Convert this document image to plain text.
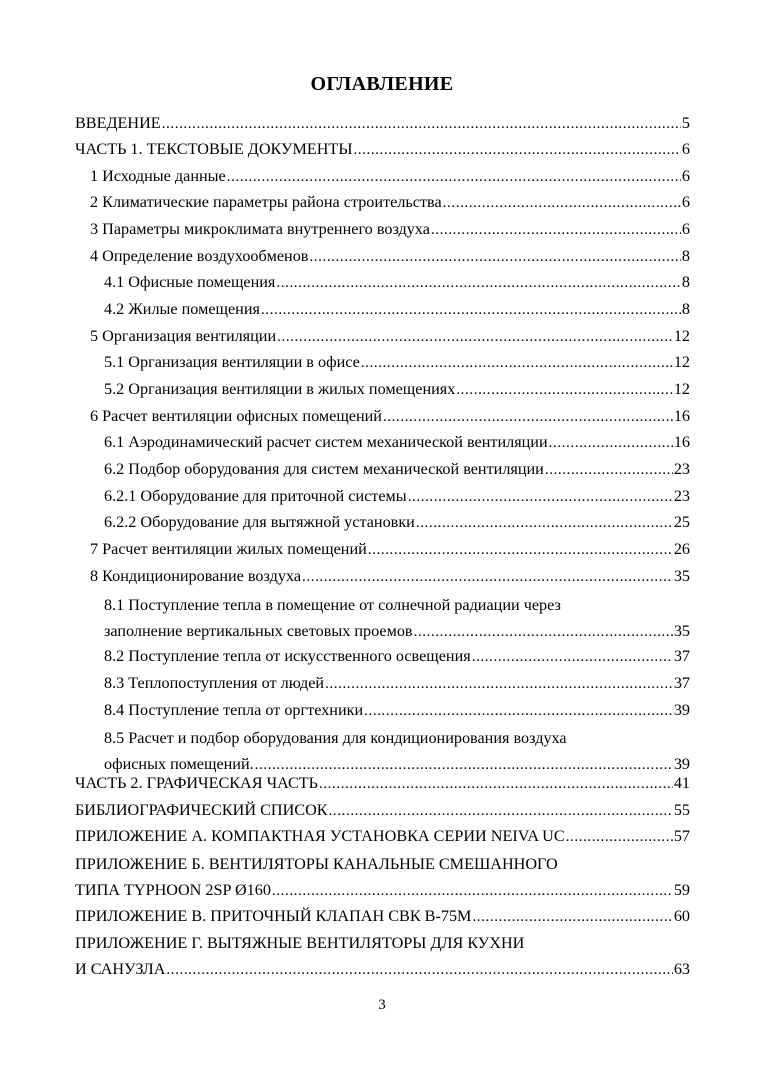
ОГЛАВЛЕНИЕ
ВВЕДЕНИЕ .....	5
ЧАСТЬ 1. ТЕКСТОВЫЕ ДОКУМЕНТЫ .....	6
1 Исходные данные .....	6
2 Климатические параметры района строительства .....	6
3 Параметры микроклимата внутреннего воздуха .....	6
4 Определение воздухообменов .....	8
4.1 Офисные помещения .....	8
4.2 Жилые помещения .....	8
5 Организация вентиляции .....	12
5.1 Организация вентиляции в офисе .....	12
5.2 Организация вентиляции в жилых помещениях .....	12
6 Расчет вентиляции офисных помещений .....	16
6.1 Аэродинамический расчет систем механической вентиляции .....	16
6.2 Подбор оборудования для систем механической вентиляции .....	23
6.2.1 Оборудование для приточной системы .....	23
6.2.2 Оборудование для вытяжной установки .....	25
7 Расчет вентиляции жилых помещений .....	26
8 Кондиционирование воздуха .....	35
8.1 Поступление тепла в помещение от солнечной радиации через
заполнение вертикальных световых проемов .....	35
8.2 Поступление тепла от искусственного освещения .....	37
8.3 Теплопоступления от людей .....	37
8.4 Поступление тепла от оргтехники .....	39
8.5 Расчет и подбор оборудования для кондиционирования воздуха
офисных помещений. .....	39
ЧАСТЬ 2. ГРАФИЧЕСКАЯ ЧАСТЬ .....	41
БИБЛИОГРАФИЧЕСКИЙ СПИСОК .....	55
ПРИЛОЖЕНИЕ А. КОМПАКТНАЯ УСТАНОВКА СЕРИИ NEIVA UC .....	57
ПРИЛОЖЕНИЕ Б. ВЕНТИЛЯТОРЫ КАНАЛЬНЫЕ СМЕШАННОГО
ТИПА TYPHOON 2SP Ø160 .....	59
ПРИЛОЖЕНИЕ В. ПРИТОЧНЫЙ КЛАПАН СВК В-75М .....	60
ПРИЛОЖЕНИЕ Г. ВЫТЯЖНЫЕ ВЕНТИЛЯТОРЫ ДЛЯ КУХНИ
И САНУЗЛА .....	63
3
